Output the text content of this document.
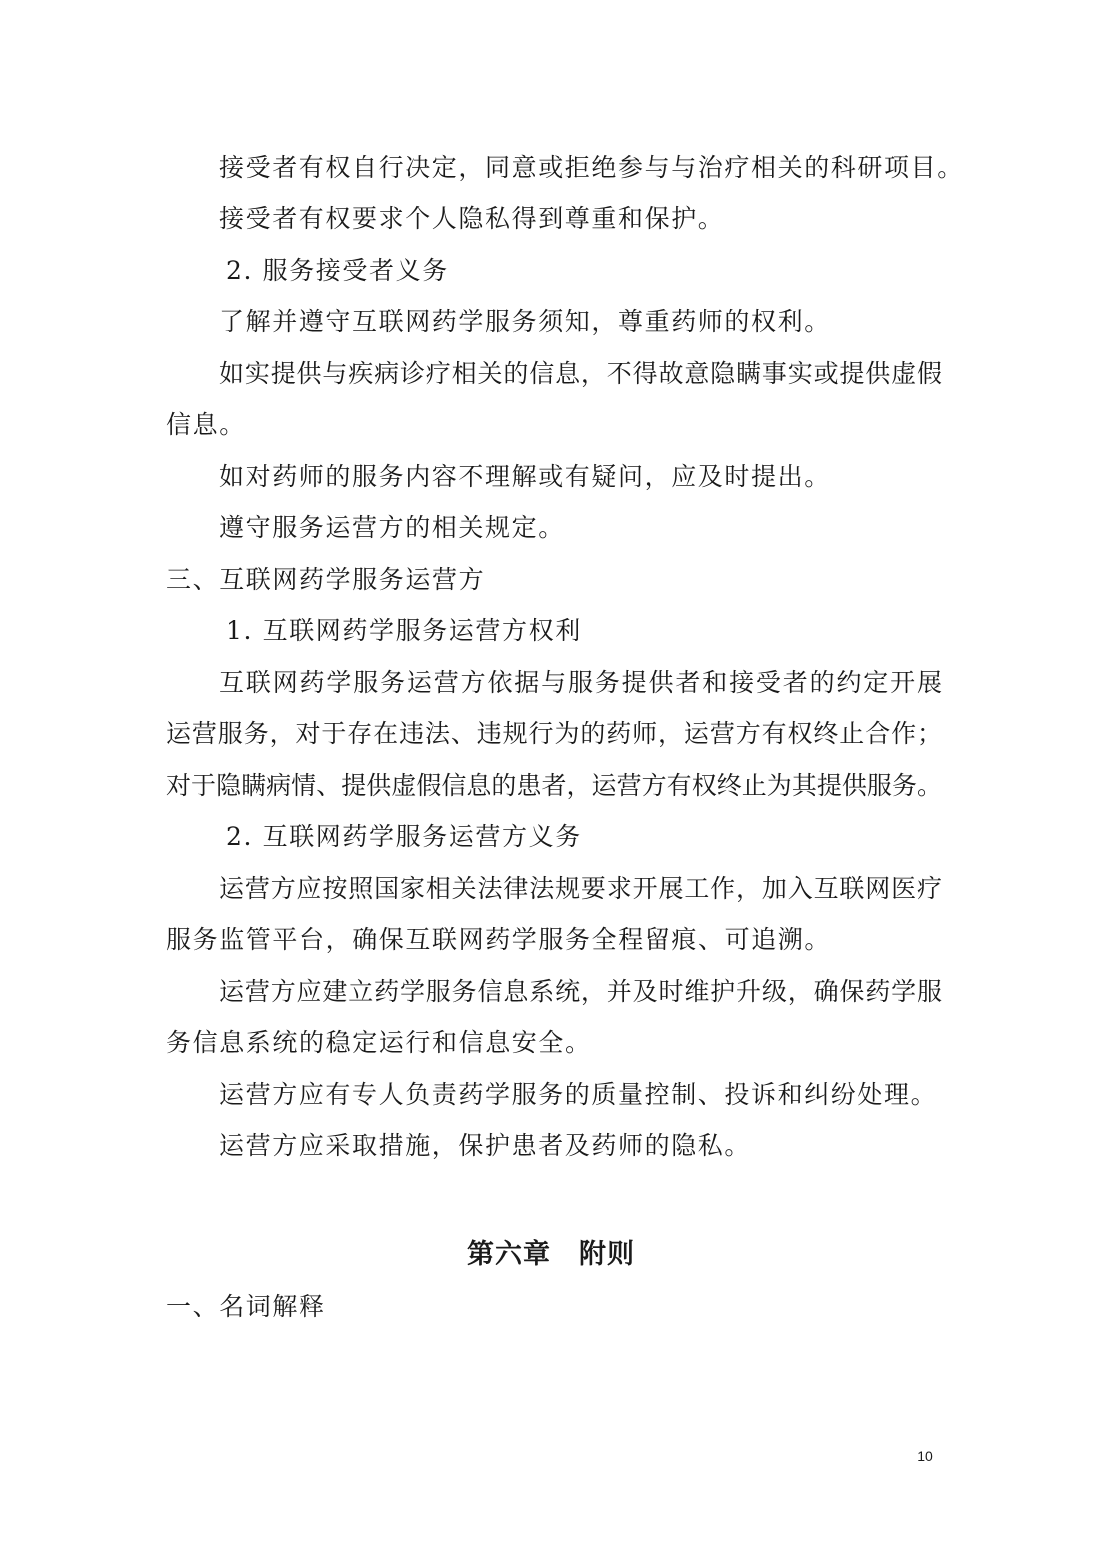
接受者有权自行决定，同意或拒绝参与与治疗相关的科研项目。
接受者有权要求个人隐私得到尊重和保护。
2. 服务接受者义务
了解并遵守互联网药学服务须知，尊重药师的权利。
如实提供与疾病诊疗相关的信息，不得故意隐瞒事实或提供虚假
信息。
如对药师的服务内容不理解或有疑问，应及时提出。
遵守服务运营方的相关规定。
三、互联网药学服务运营方
1. 互联网药学服务运营方权利
互联网药学服务运营方依据与服务提供者和接受者的约定开展
运营服务，对于存在违法、违规行为的药师，运营方有权终止合作；
对于隐瞒病情、提供虚假信息的患者，运营方有权终止为其提供服务。
2. 互联网药学服务运营方义务
运营方应按照国家相关法律法规要求开展工作，加入互联网医疗
服务监管平台，确保互联网药学服务全程留痕、可追溯。
运营方应建立药学服务信息系统，并及时维护升级，确保药学服
务信息系统的稳定运行和信息安全。
运营方应有专人负责药学服务的质量控制、投诉和纠纷处理。
运营方应采取措施，保护患者及药师的隐私。
第六章　附则
一、名词解释
10
